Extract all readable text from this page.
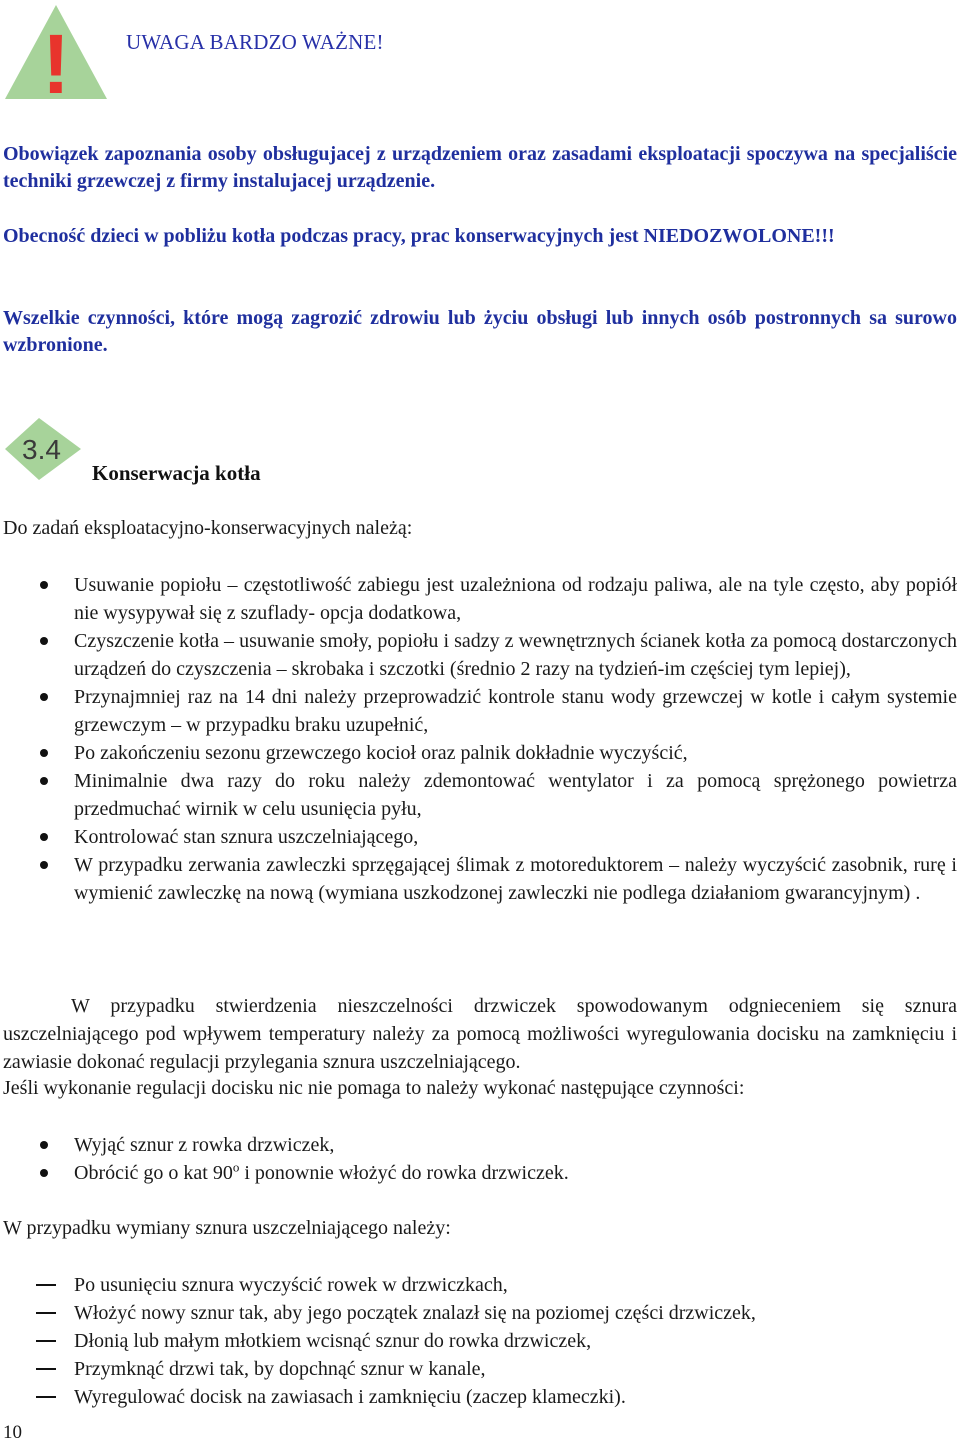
!	UWAGA BARDZO WAŻNE!
Obowiązek zapoznania osoby obsługujacej z urządzeniem oraz zasadami eksploatacji spoczywa na specjaliście techniki grzewczej z firmy instalujacej urządzenie.
Obecność dzieci w pobliżu kotła podczas pracy, prac konserwacyjnych jest NIEDOZWOLONE!!!
Wszelkie czynności, które mogą zagrozić zdrowiu lub życiu obsługi lub innych osób postronnych sa surowo wzbronione.
3.4
Konserwacja kotła
Do zadań eksploatacyjno-konserwacyjnych należą:
Usuwanie popiołu – częstotliwość zabiegu jest uzależniona od rodzaju paliwa, ale na tyle często, aby popiół nie wysypywał się z szuflady- opcja dodatkowa,
Czyszczenie kotła – usuwanie smoły, popiołu i sadzy z wewnętrznych ścianek kotła za pomocą dostarczonych urządzeń do czyszczenia – skrobaka i szczotki (średnio 2 razy na tydzień-im częściej tym lepiej),
Przynajmniej raz na 14 dni należy przeprowadzić kontrole stanu wody grzewczej w kotle i całym systemie grzewczym – w przypadku braku uzupełnić,
Po zakończeniu sezonu grzewczego kocioł oraz palnik dokładnie wyczyścić,
Minimalnie dwa razy do roku należy zdemontować wentylator i za pomocą sprężonego powietrza przedmuchać wirnik w celu usunięcia pyłu,
Kontrolować stan sznura uszczelniającego,
W przypadku zerwania zawleczki sprzęgającej ślimak z motoreduktorem – należy wyczyścić zasobnik, rurę i wymienić zawleczkę na nową (wymiana uszkodzonej zawleczki nie podlega działaniom gwarancyjnym) .
W przypadku stwierdzenia nieszczelności drzwiczek spowodowanym odgnieceniem się sznura uszczelniającego pod wpływem temperatury należy za pomocą możliwości wyregulowania docisku na zamknięciu i zawiasie dokonać regulacji przylegania sznura uszczelniającego.
Jeśli wykonanie regulacji docisku nic nie pomaga to należy wykonać następujące czynności:
Wyjąć sznur z rowka drzwiczek,
Obrócić go o kat 90$^o$ i ponownie włożyć do rowka drzwiczek.
W przypadku wymiany sznura uszczelniającego należy:
Po usunięciu sznura wyczyścić rowek w drzwiczkach,
Włożyć nowy sznur tak, aby jego początek znalazł się na poziomej części drzwiczek,
Dłonią lub małym młotkiem wcisnąć sznur do rowka drzwiczek,
Przymknąć drzwi tak, by dopchnąć sznur w kanale,
Wyregulować docisk na zawiasach i zamknięciu (zaczep klameczki).
10
